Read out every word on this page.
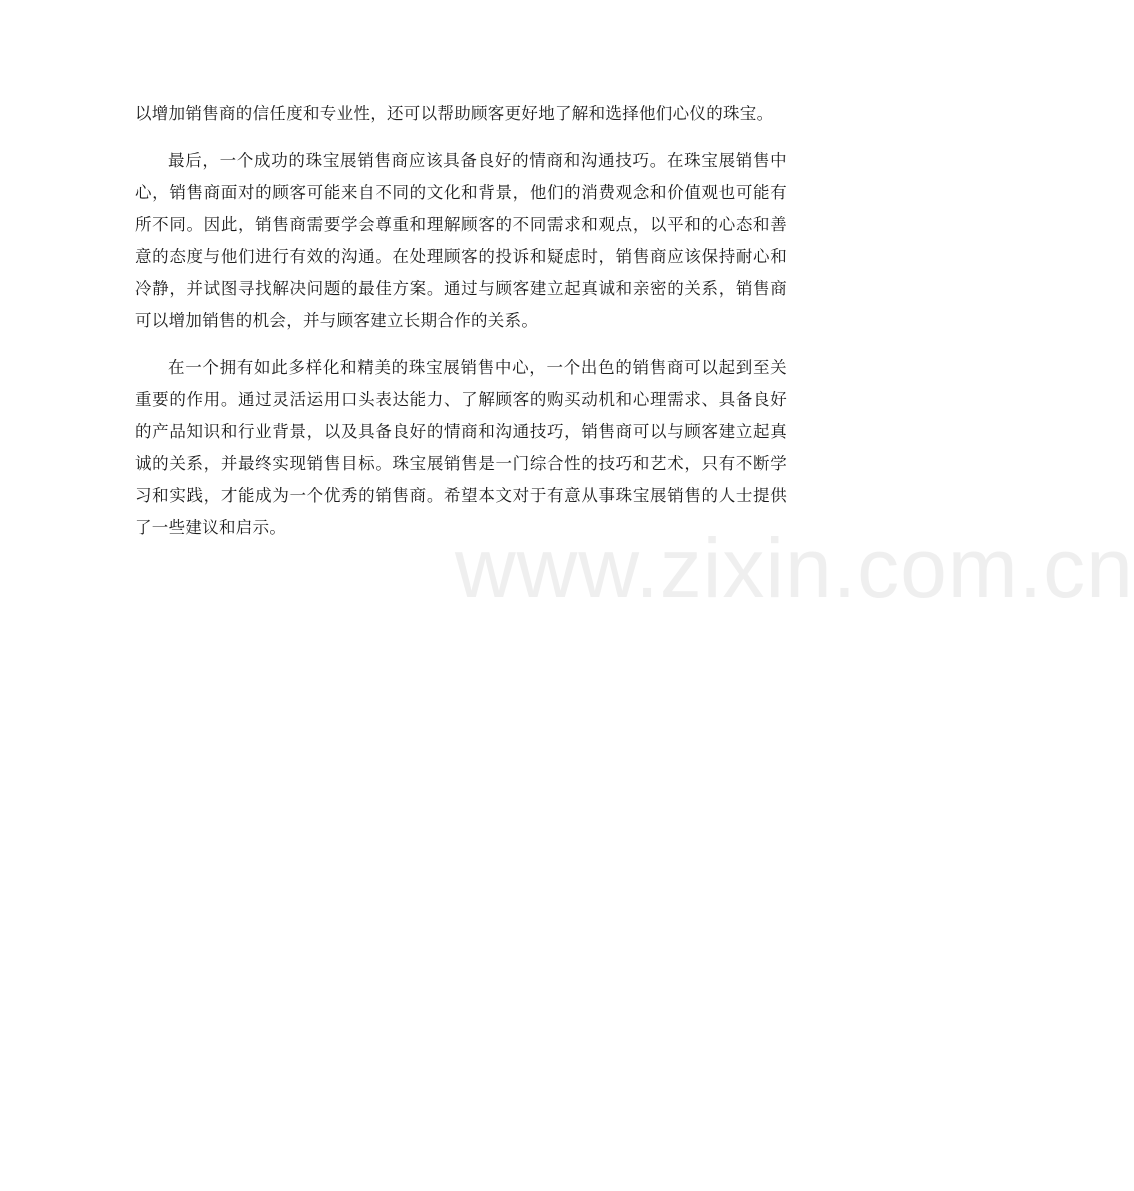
www.zixin.com.cn

以增加销售商的信任度和专业性，还可以帮助顾客更好地了解和选择他们心仪的珠宝。

最后，一个成功的珠宝展销售商应该具备良好的情商和沟通技巧。在珠宝展销售中心，销售商面对的顾客可能来自不同的文化和背景，他们的消费观念和价值观也可能有所不同。因此，销售商需要学会尊重和理解顾客的不同需求和观点，以平和的心态和善意的态度与他们进行有效的沟通。在处理顾客的投诉和疑虑时，销售商应该保持耐心和冷静，并试图寻找解决问题的最佳方案。通过与顾客建立起真诚和亲密的关系，销售商可以增加销售的机会，并与顾客建立长期合作的关系。

在一个拥有如此多样化和精美的珠宝展销售中心，一个出色的销售商可以起到至关重要的作用。通过灵活运用口头表达能力、了解顾客的购买动机和心理需求、具备良好的产品知识和行业背景，以及具备良好的情商和沟通技巧，销售商可以与顾客建立起真诚的关系，并最终实现销售目标。珠宝展销售是一门综合性的技巧和艺术，只有不断学习和实践，才能成为一个优秀的销售商。希望本文对于有意从事珠宝展销售的人士提供了一些建议和启示。
